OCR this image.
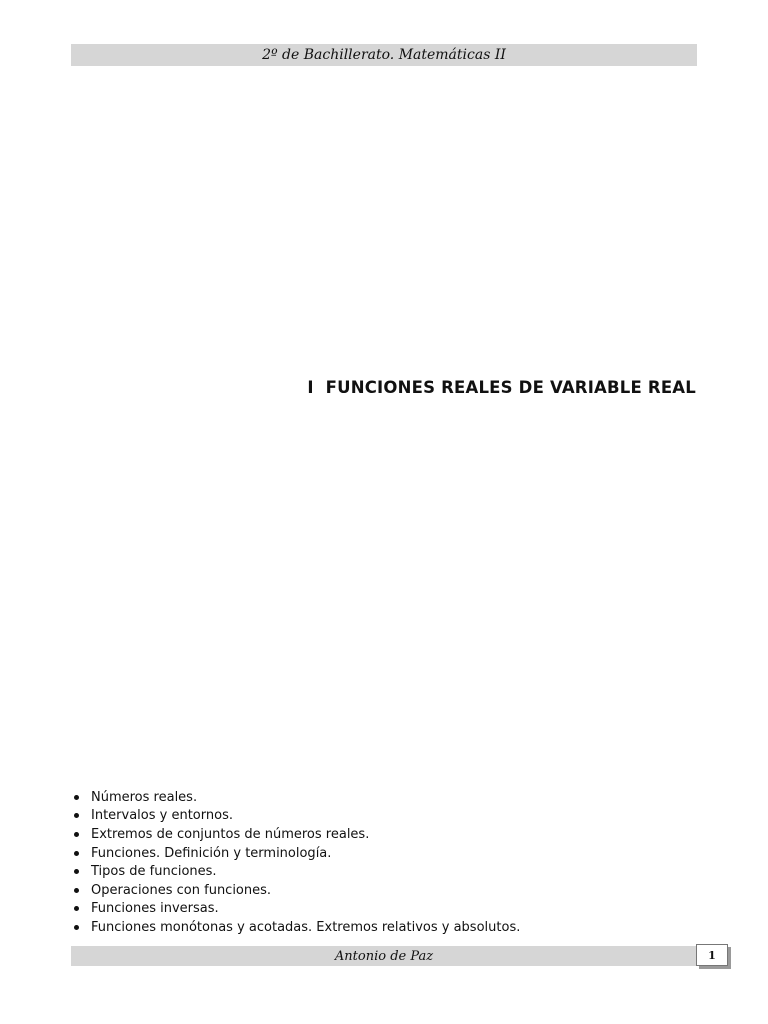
2º de Bachillerato. Matemáticas II
I FUNCIONES REALES DE VARIABLE REAL
Números reales.
Intervalos y entornos.
Extremos de conjuntos de números reales.
Funciones. Definición y terminología.
Tipos de funciones.
Operaciones con funciones.
Funciones inversas.
Funciones monótonas y acotadas. Extremos relativos y absolutos.
Antonio de Paz	1
